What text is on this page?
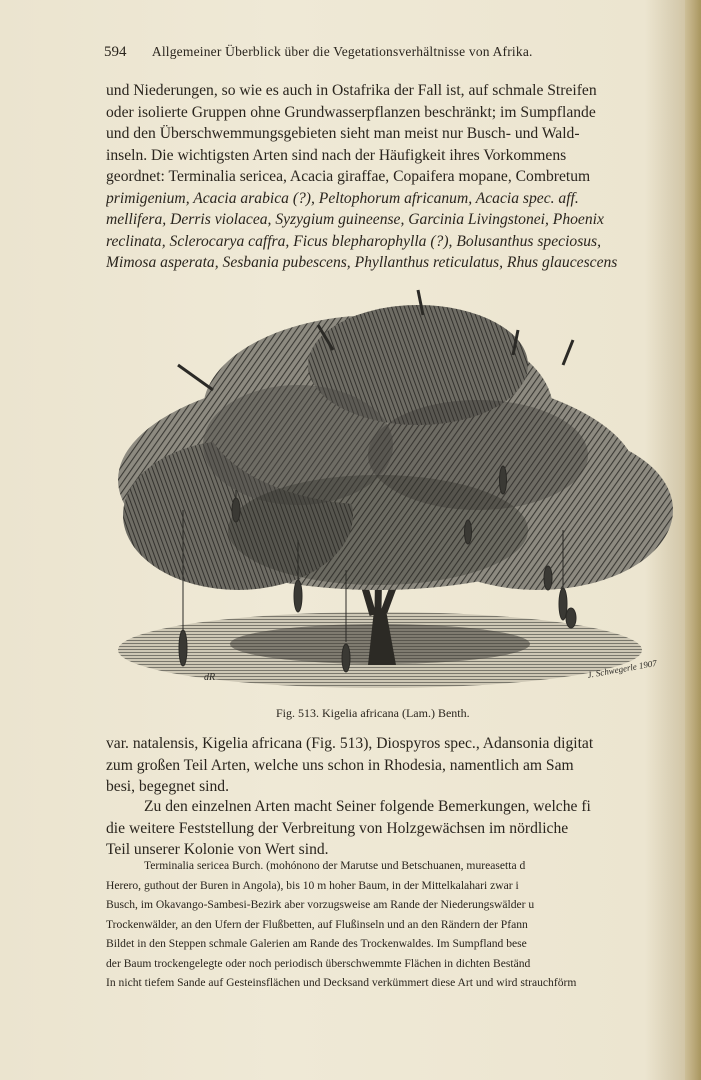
594 Allgemeiner Überblick über die Vegetationsverhältnisse von Afrika.
und Niederungen, so wie es auch in Ostafrika der Fall ist, auf schmale Streifen
oder isolierte Gruppen ohne Grundwasserpflanzen beschränkt; im Sumpflande
und den Überschwemmungsgebieten sieht man meist nur Busch- und Wald-
inseln. Die wichtigsten Arten sind nach der Häufigkeit ihres Vorkommens
geordnet: Terminalia sericea, Acacia giraffae, Copaifera mopane, Combretum
primigenium, Acacia arabica (?), Peltophorum africanum, Acacia spec. aff.
mellifera, Derris violacea, Syzygium guineense, Garcinia Livingstonei, Phoenix
reclinata, Sclerocarya caffra, Ficus blepharophylla (?), Bolusanthus speciosus,
Mimosa asperata, Sesbania pubescens, Phyllanthus reticulatus, Rhus glaucescens
dR	J. Schwegerle 1907
Fig. 513. Kigelia africana (Lam.) Benth.
var. natalensis, Kigelia africana (Fig. 513), Diospyros spec., Adansonia digitat
zum großen Teil Arten, welche uns schon in Rhodesia, namentlich am Sam
besi, begegnet sind.
Zu den einzelnen Arten macht Seiner folgende Bemerkungen, welche fi
die weitere Feststellung der Verbreitung von Holzgewächsen im nördliche
Teil unserer Kolonie von Wert sind.
Terminalia sericea Burch. (mohónono der Marutse und Betschuanen, mureasetta d
Herero, guthout der Buren in Angola), bis 10 m hoher Baum, in der Mittelkalahari zwar i
Busch, im Okavango-Sambesi-Bezirk aber vorzugsweise am Rande der Niederungswälder u
Trockenwälder, an den Ufern der Flußbetten, auf Flußinseln und an den Rändern der Pfann
Bildet in den Steppen schmale Galerien am Rande des Trockenwaldes. Im Sumpfland bese
der Baum trockengelegte oder noch periodisch überschwemmte Flächen in dichten Beständ
In nicht tiefem Sande auf Gesteinsflächen und Decksand verkümmert diese Art und wird strauchförm
